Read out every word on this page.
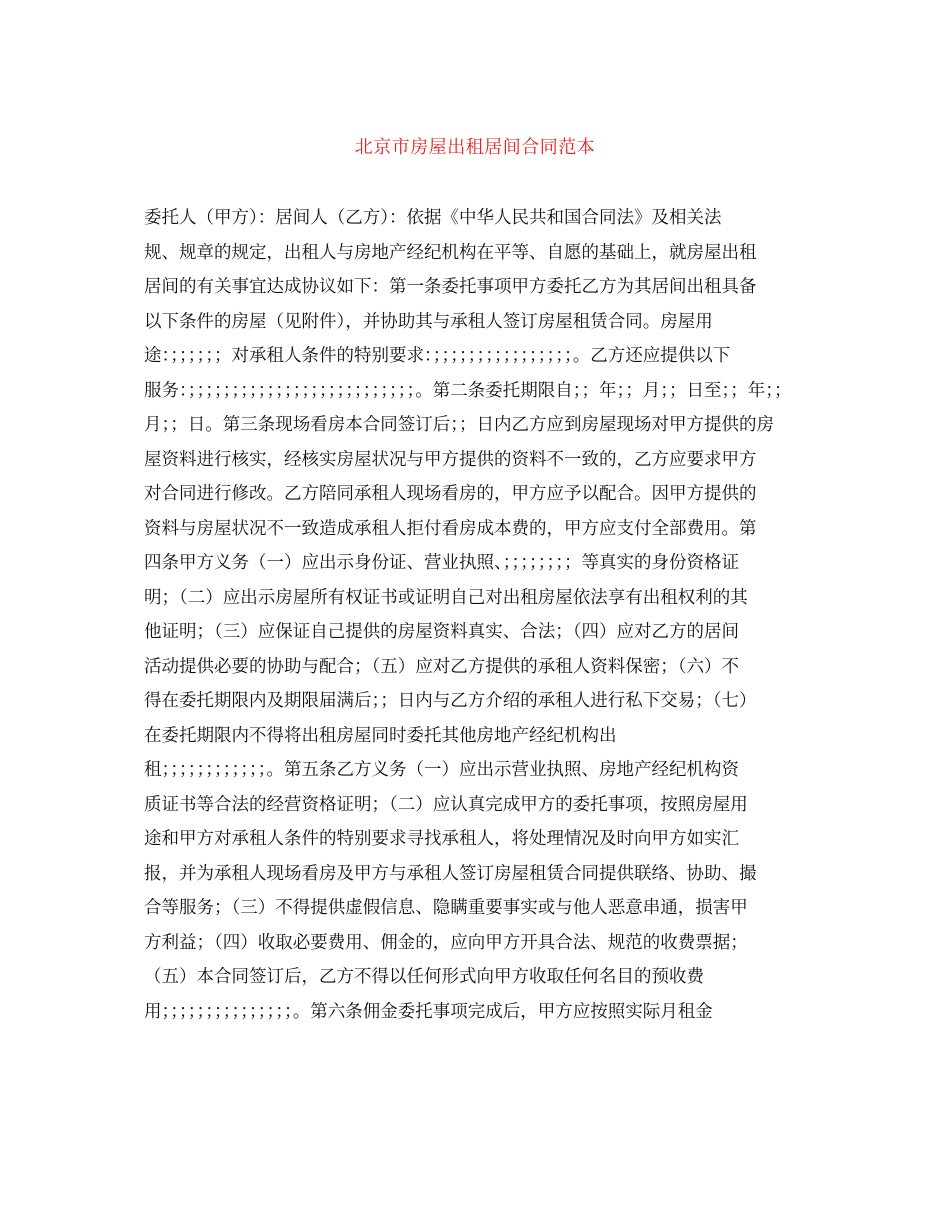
北京市房屋出租居间合同范本
委托人（甲方）：居间人（乙方）：依据《中华人民共和国合同法》及相关法
规、规章的规定，出租人与房地产经纪机构在平等、自愿的基础上，就房屋出租
居间的有关事宜达成协议如下：第一条委托事项甲方委托乙方为其居间出租具备
以下条件的房屋（见附件），并协助其与承租人签订房屋租赁合同。房屋用
途：；；；；；；对承租人条件的特别要求：；；；；；；；；；；；；；；；；。乙方还应提供以下
服务：；；；；；；；；；；；；；；；；；；；；；；；；；；。第二条委托期限自；；年；；月；；日至；；年；；
月；；日。第三条现场看房本合同签订后；；日内乙方应到房屋现场对甲方提供的房
屋资料进行核实，经核实房屋状况与甲方提供的资料不一致的，乙方应要求甲方
对合同进行修改。乙方陪同承租人现场看房的，甲方应予以配合。因甲方提供的
资料与房屋状况不一致造成承租人拒付看房成本费的，甲方应支付全部费用。第
四条甲方义务（一）应出示身份证、营业执照、；；；；；；；；等真实的身份资格证
明；（二）应出示房屋所有权证书或证明自己对出租房屋依法享有出租权利的其
他证明；（三）应保证自己提供的房屋资料真实、合法；（四）应对乙方的居间
活动提供必要的协助与配合；（五）应对乙方提供的承租人资料保密；（六）不
得在委托期限内及期限届满后；；日内与乙方介绍的承租人进行私下交易；（七）
在委托期限内不得将出租房屋同时委托其他房地产经纪机构出
租；；；；；；；；；；；；。第五条乙方义务（一）应出示营业执照、房地产经纪机构资
质证书等合法的经营资格证明；（二）应认真完成甲方的委托事项，按照房屋用
途和甲方对承租人条件的特别要求寻找承租人，将处理情况及时向甲方如实汇
报，并为承租人现场看房及甲方与承租人签订房屋租赁合同提供联络、协助、撮
合等服务；（三）不得提供虚假信息、隐瞒重要事实或与他人恶意串通，损害甲
方利益；（四）收取必要费用、佣金的，应向甲方开具合法、规范的收费票据；
（五）本合同签订后，乙方不得以任何形式向甲方收取任何名目的预收费
用；；；；；；；；；；；；；；；。第六条佣金委托事项完成后，甲方应按照实际月租金
